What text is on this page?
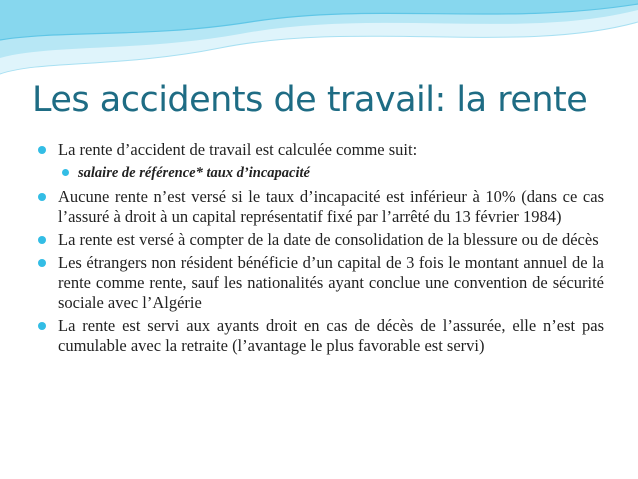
Les accidents de travail: la rente
La rente d’accident de travail est calculée comme suit:
salaire de référence* taux d’incapacité
Aucune rente n’est versé si le taux d’incapacité est inférieur à 10% (dans ce cas l’assuré à droit à un capital représentatif fixé par l’arrêté du 13 février 1984)
La rente est versé à compter de la date de consolidation de la blessure ou de décès
Les étrangers non résident bénéficie d’un capital de 3 fois le montant annuel de la rente comme rente, sauf les nationalités ayant conclue une convention de sécurité sociale avec l’Algérie
La rente est servi aux ayants droit en cas de décès de l’assurée, elle n’est pas cumulable avec la retraite (l’avantage le plus favorable est servi)
